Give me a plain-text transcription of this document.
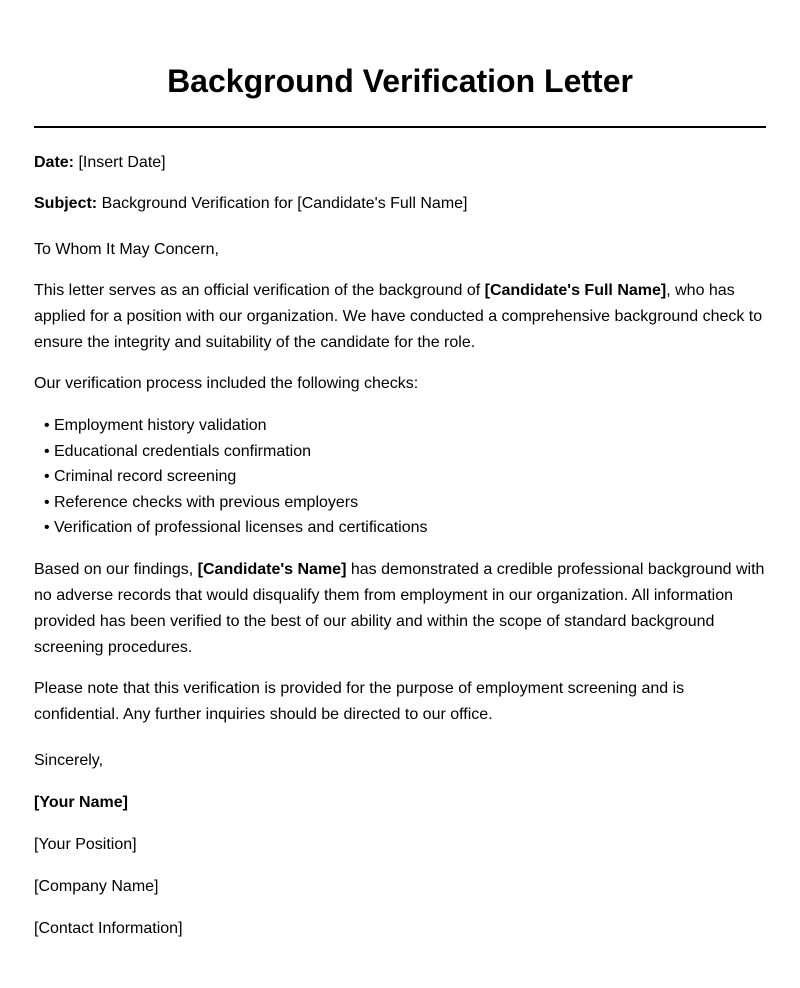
Background Verification Letter
Date: [Insert Date]
Subject: Background Verification for [Candidate's Full Name]
To Whom It May Concern,

This letter serves as an official verification of the background of [Candidate's Full Name], who has applied for a position with our organization. We have conducted a comprehensive background check to ensure the integrity and suitability of the candidate for the role.

Our verification process included the following checks:

• Employment history validation
• Educational credentials confirmation
• Criminal record screening
• Reference checks with previous employers
• Verification of professional licenses and certifications

Based on our findings, [Candidate's Name] has demonstrated a credible professional background with no adverse records that would disqualify them from employment in our organization. All information provided has been verified to the best of our ability and within the scope of standard background screening procedures.

Please note that this verification is provided for the purpose of employment screening and is confidential. Any further inquiries should be directed to our office.

Sincerely,
[Your Name]
[Your Position]
[Company Name]
[Contact Information]
